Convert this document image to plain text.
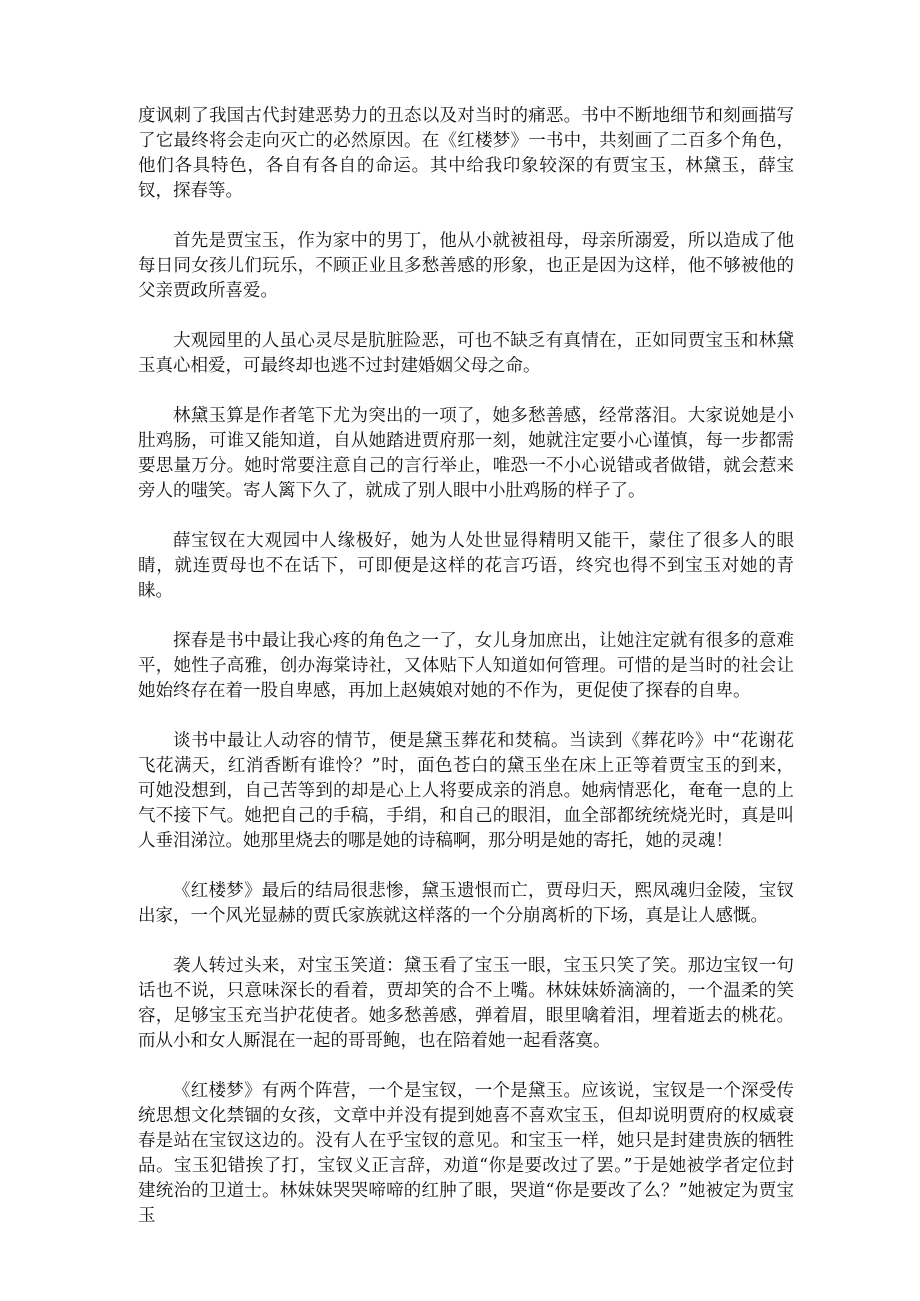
度讽刺了我国古代封建恶势力的丑态以及对当时的痛恶。书中不断地细节和刻画描写了它最终将会走向灭亡的必然原因。在《红楼梦》一书中，共刻画了二百多个角色，他们各具特色，各自有各自的命运。其中给我印象较深的有贾宝玉，林黛玉，薛宝钗，探春等。

首先是贾宝玉，作为家中的男丁，他从小就被祖母，母亲所溺爱，所以造成了他每日同女孩儿们玩乐，不顾正业且多愁善感的形象，也正是因为这样，他不够被他的父亲贾政所喜爱。

大观园里的人虽心灵尽是肮脏险恶，可也不缺乏有真情在，正如同贾宝玉和林黛玉真心相爱，可最终却也逃不过封建婚姻父母之命。

林黛玉算是作者笔下尤为突出的一项了，她多愁善感，经常落泪。大家说她是小肚鸡肠，可谁又能知道，自从她踏进贾府那一刻，她就注定要小心谨慎，每一步都需要思量万分。她时常要注意自己的言行举止，唯恐一不小心说错或者做错，就会惹来旁人的嗤笑。寄人篱下久了，就成了别人眼中小肚鸡肠的样子了。

薛宝钗在大观园中人缘极好，她为人处世显得精明又能干，蒙住了很多人的眼睛，就连贾母也不在话下，可即便是这样的花言巧语，终究也得不到宝玉对她的青睐。

探春是书中最让我心疼的角色之一了，女儿身加庶出，让她注定就有很多的意难平，她性子高雅，创办海棠诗社，又体贴下人知道如何管理。可惜的是当时的社会让她始终存在着一股自卑感，再加上赵姨娘对她的不作为，更促使了探春的自卑。

谈书中最让人动容的情节，便是黛玉葬花和焚稿。当读到《葬花吟》中“花谢花飞花满天，红消香断有谁怜？”时，面色苍白的黛玉坐在床上正等着贾宝玉的到来，可她没想到，自己苦等到的却是心上人将要成亲的消息。她病情恶化，奄奄一息的上气不接下气。她把自己的手稿，手绢，和自己的眼泪，血全部都统统烧光时，真是叫人垂泪涕泣。她那里烧去的哪是她的诗稿啊，那分明是她的寄托，她的灵魂！

《红楼梦》最后的结局很悲惨，黛玉遗恨而亡，贾母归天，熙凤魂归金陵，宝钗出家，一个风光显赫的贾氏家族就这样落的一个分崩离析的下场，真是让人感慨。

袭人转过头来，对宝玉笑道：黛玉看了宝玉一眼，宝玉只笑了笑。那边宝钗一句话也不说，只意味深长的看着，贾却笑的合不上嘴。林妹妹娇滴滴的，一个温柔的笑容，足够宝玉充当护花使者。她多愁善感，弹着眉，眼里噙着泪，埋着逝去的桃花。而从小和女人厮混在一起的哥哥鲍，也在陪着她一起看落寞。

《红楼梦》有两个阵营，一个是宝钗，一个是黛玉。应该说，宝钗是一个深受传统思想文化禁锢的女孩，文章中并没有提到她喜不喜欢宝玉，但却说明贾府的权威衰春是站在宝钗这边的。没有人在乎宝钗的意见。和宝玉一样，她只是封建贵族的牺牲品。宝玉犯错挨了打，宝钗义正言辞，劝道“你是要改过了罢。”于是她被学者定位封建统治的卫道士。林妹妹哭哭啼啼的红肿了眼，哭道“你是要改了么？”她被定为贾宝玉
